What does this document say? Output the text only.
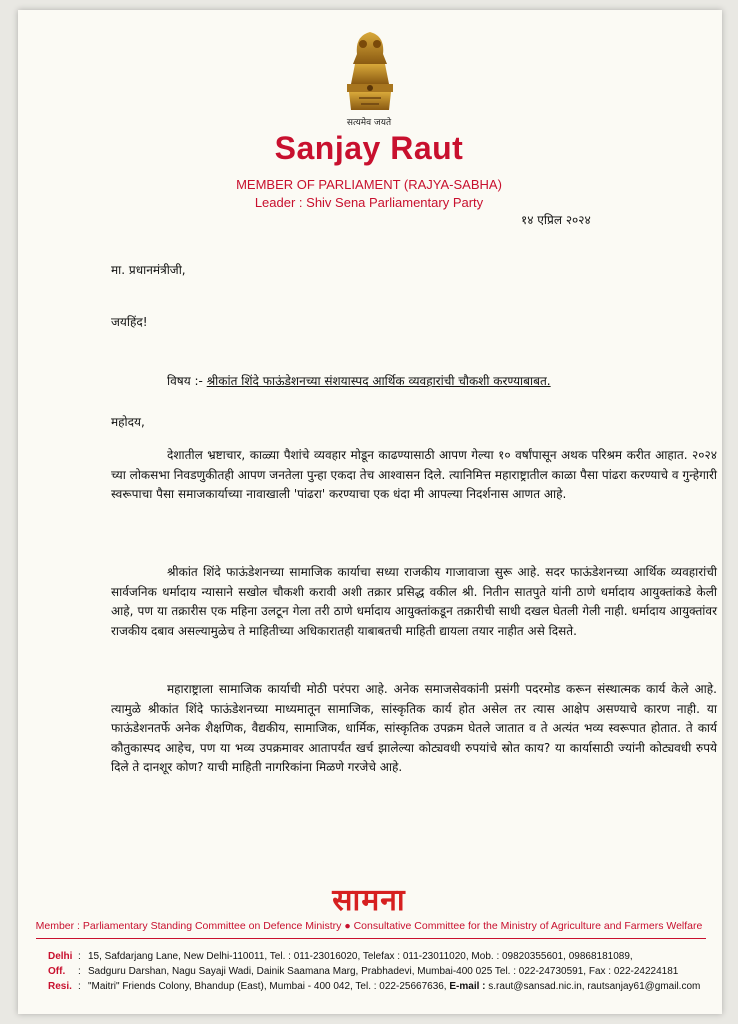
सत्यमेव जयते
Sanjay Raut
MEMBER OF PARLIAMENT (RAJYA-SABHA)
Leader : Shiv Sena Parliamentary Party
१४ एप्रिल २०२४
मा. प्रधानमंत्रीजी,
जयहिंद!
विषय :- श्रीकांत शिंदे फाऊंडेशनच्या संशयास्पद आर्थिक व्यवहारांची चौकशी करण्याबाबत.
महोदय,

देशातील भ्रष्टाचार, काळ्या पैशांचे व्यवहार मोडून काढण्यासाठी आपण गेल्या १० वर्षांपासून अथक परिश्रम करीत आहात. २०२४ च्या लोकसभा निवडणुकीतही आपण जनतेला पुन्हा एकदा तेच आश्वासन दिले. त्यानिमित्त महाराष्ट्रातील काळा पैसा पांढरा करण्याचे व गुन्हेगारी स्वरूपाचा पैसा समाजकार्याच्या नावाखाली 'पांढरा' करण्याचा एक धंदा मी आपल्या निदर्शनास आणत आहे.

श्रीकांत शिंदे फाऊंडेशनच्या सामाजिक कार्याचा सध्या राजकीय गाजावाजा सुरू आहे. सदर फाऊंडेशनच्या आर्थिक व्यवहारांची सार्वजनिक धर्मादाय न्यासाने सखोल चौकशी करावी अशी तक्रार प्रसिद्ध वकील श्री. नितीन सातपुते यांनी ठाणे धर्मादाय आयुक्तांकडे केली आहे, पण या तक्रारीस एक महिना उलटून गेला तरी ठाणे धर्मादाय आयुक्तांकडून तक्रारीची साधी दखल घेतली गेली नाही. धर्मादाय आयुक्तांवर राजकीय दबाव असल्यामुळेच ते माहितीच्या अधिकारातही याबाबतची माहिती द्यायला तयार नाहीत असे दिसते.

महाराष्ट्राला सामाजिक कार्याची मोठी परंपरा आहे. अनेक समाजसेवकांनी प्रसंगी पदरमोड करून संस्थात्मक कार्य केले आहे. त्यामुळे श्रीकांत शिंदे फाऊंडेशनच्या माध्यमातून सामाजिक, सांस्कृतिक कार्य होत असेल तर त्यास आक्षेप असण्याचे कारण नाही. या फाऊंडेशनतर्फे अनेक शैक्षणिक, वैद्यकीय, सामाजिक, धार्मिक, सांस्कृतिक उपक्रम घेतले जातात व ते अत्यंत भव्य स्वरूपात होतात. ते कार्य कौतुकास्पद आहेच, पण या भव्य उपक्रमावर आतापर्यंत खर्च झालेल्या कोट्यवधी रुपयांचे स्रोत काय? या कार्यासाठी ज्यांनी कोट्यवधी रुपये दिले ते दानशूर कोण? याची माहिती नागरिकांना मिळणे गरजेचे आहे.

सामना
Member : Parliamentary Standing Committee on Defence Ministry ● Consultative Committee for the Ministry of Agriculture and Farmers Welfare
Delhi : 15, Safdarjang Lane, New Delhi-110011, Tel. : 011-23016020, Telefax : 011-23011020, Mob. : 09820355601, 09868181089,
Off. : Sadguru Darshan, Nagu Sayaji Wadi, Dainik Saamana Marg, Prabhadevi, Mumbai-400 025 Tel. : 022-24730591, Fax : 022-24224181
Resi. : "Maitri" Friends Colony, Bhandup (East), Mumbai - 400 042, Tel. : 022-25667636, E-mail : s.raut@sansad.nic.in, rautsanjay61@gmail.com
